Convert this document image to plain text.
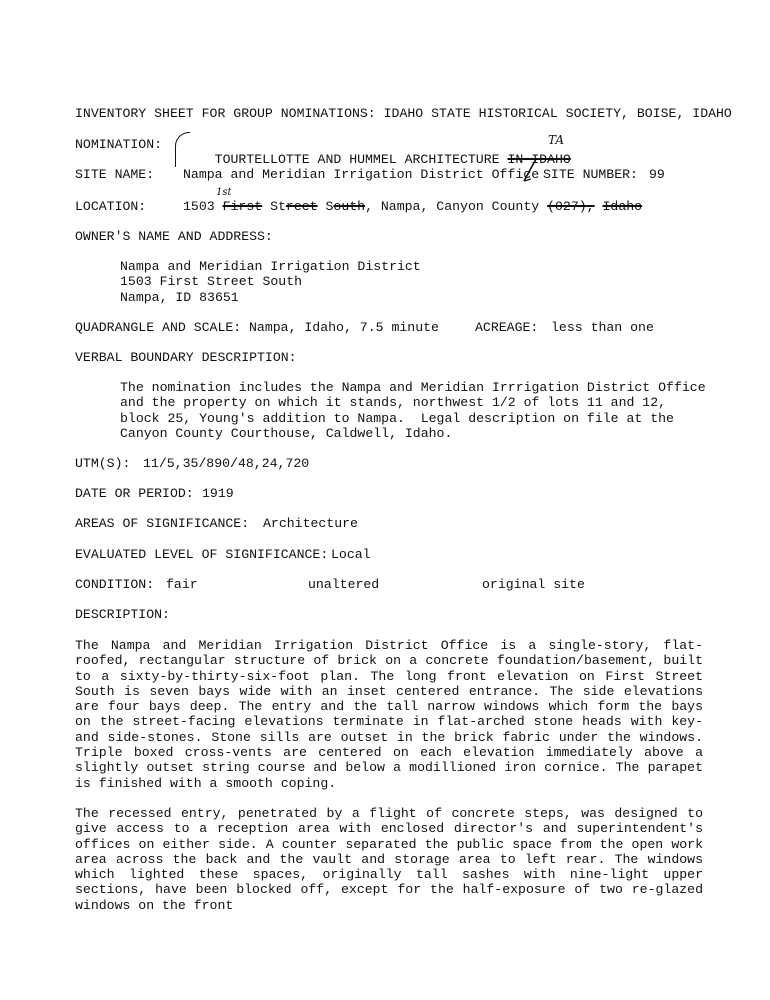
INVENTORY SHEET FOR GROUP NOMINATIONS: IDAHO STATE HISTORICAL SOCIETY, BOISE, IDAHO
NOMINATION:

TOURTELLOTTE AND HUMMEL ARCHITECTURE IN IDAHO

TA
SITE NAME: Nampa and Meridian Irrigation District Office SITE NUMBER: 99
LOCATION:
1st
1503 First Street South, Nampa, Canyon County (027), Idaho
OWNER'S NAME AND ADDRESS:
Nampa and Meridian Irrigation District
1503 First Street South
Nampa, ID 83651
QUADRANGLE AND SCALE: Nampa, Idaho, 7.5 minute	ACREAGE: less than one
VERBAL BOUNDARY DESCRIPTION:
The nomination includes the Nampa and Meridian Irrrigation District Office
and the property on which it stands, northwest 1/2 of lots 11 and 12,
block 25, Young's addition to Nampa.  Legal description on file at the
Canyon County Courthouse, Caldwell, Idaho.
UTM(S): 11/5,35/890/48,24,720
DATE OR PERIOD: 1919
AREAS OF SIGNIFICANCE: Architecture
EVALUATED LEVEL OF SIGNIFICANCE: Local
CONDITION: fair	unaltered	original site
DESCRIPTION:
The Nampa and Meridian Irrigation District Office is a single-story, flat-roofed, rectangular structure of brick on a concrete foundation/basement, built to a sixty-by-thirty-six-foot plan. The long front elevation on First Street South is seven bays wide with an inset centered entrance. The side elevations are four bays deep. The entry and the tall narrow windows which form the bays on the street-facing elevations terminate in flat-arched stone heads with key- and side-stones. Stone sills are outset in the brick fabric under the windows. Triple boxed cross-vents are centered on each elevation immediately above a slightly outset string course and below a modillioned iron cornice. The parapet is finished with a smooth coping.
The recessed entry, penetrated by a flight of concrete steps, was designed to give access to a reception area with enclosed director's and superintendent's offices on either side. A counter separated the public space from the open work area across the back and the vault and storage area to left rear. The windows which lighted these spaces, originally tall sashes with nine-light upper sections, have been blocked off, except for the half-exposure of two re-glazed windows on the front
